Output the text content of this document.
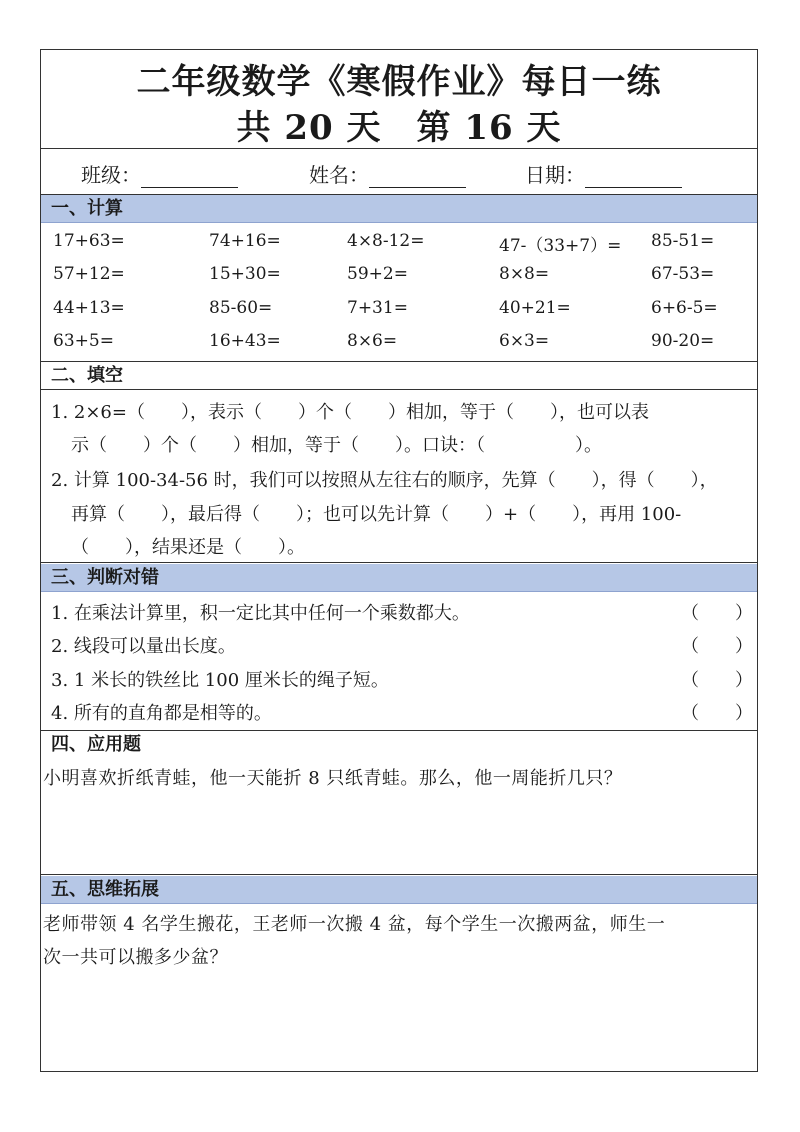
二年级数学《寒假作业》每日一练
共 20 天　第 16 天
班级：	姓名：	日期：
一、计算
17+63=	74+16=	4×8-12=	47-（33+7）= 85-51=
57+12=	15+30=	59+2=	8×8=	67-53=
44+13=	85-60=	7+31=	40+21=	6+6-5=
63+5=	16+43=	8×6=	6×3=	90-20=
二、填空
1. 2×6=（　　），表示（　　）个（　　）相加，等于（　　），也可以表
示（　　）个（　　）相加，等于（　　）。口诀：（　　　　　）。
2. 计算 100-34-56 时，我们可以按照从左往右的顺序，先算（　　），得（　　），
再算（　　），最后得（　　）；也可以先计算（　　）+（　　），再用 100-
（　　），结果还是（　　）。
三、判断对错
1. 在乘法计算里，积一定比其中任何一个乘数都大。	（　　）
2. 线段可以量出长度。	（　　）
3. 1 米长的铁丝比 100 厘米长的绳子短。	（　　）
4. 所有的直角都是相等的。	（　　）
四、应用题
小明喜欢折纸青蛙，他一天能折 8 只纸青蛙。那么，他一周能折几只？
五、思维拓展
老师带领 4 名学生搬花，王老师一次搬 4 盆，每个学生一次搬两盆，师生一
次一共可以搬多少盆？
